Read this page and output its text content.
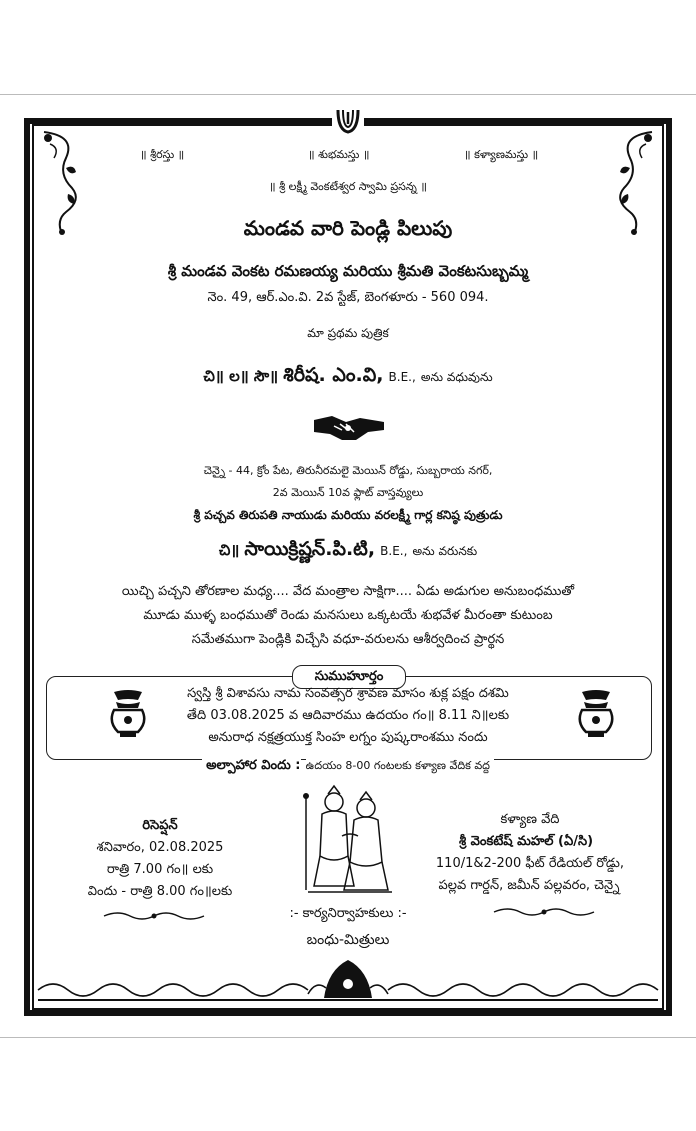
॥ శ్రీరస్తు ॥	॥ శుభమస్తు ॥	॥ కళ్యాణమస్తు ॥
॥ శ్రీ లక్ష్మీ వెంకటేశ్వర స్వామి ప్రసన్న ॥
మండవ వారి పెండ్లి పిలుపు
శ్రీ మండవ వెంకట రమణయ్య మరియు శ్రీమతి వెంకటసుబ్బమ్మ
నెం. 49, ఆర్.ఎం.వి. 2వ స్టేజ్, బెంగళూరు - 560 094.
మా ప్రథమ పుత్రిక
చి॥ ల॥ సౌ॥ శిరీష. ఎం.వి, B.E., అను వధువును
చెన్నై - 44, క్రోం పేట, తిరునీరమలై మెయిన్ రోడ్డు, సుబ్బరాయ నగర్,
2వ మెయిన్ 10వ ఫ్లాట్ వాస్తవ్యులు
శ్రీ పచ్చవ తిరుపతి నాయుడు మరియు వరలక్ష్మీ గార్ల కనిష్ఠ పుత్రుడు
చి॥ సాయిక్రిష్ణన్.పి.టి, B.E., అను వరునకు
యిచ్చి పచ్చని తోరణాల మధ్య.... వేద మంత్రాల సాక్షిగా.... ఏడు అడుగుల అనుబంధముతో
మూడు ముళ్ళ బంధముతో రెండు మనసులు ఒక్కటయే శుభవేళ మీరంతా కుటుంబ
సమేతముగా పెండ్లికి విచ్చేసి వధూ-వరులను ఆశీర్వదించ ప్రార్థన
సుముహూర్తం
స్వస్తి శ్రీ విశావసు నామ సంవత్సర శ్రావణ మాసం శుక్ల పక్షం దశమి
తేది 03.08.2025 వ ఆదివారము ఉదయం గం॥ 8.11 ని॥లకు
అనురాధ నక్షత్రయుక్త సింహ లగ్నం పుష్కరాంశము నందు
అల్పాహార విందు : ఉదయం 8-00 గంటలకు కళ్యాణ వేదిక వద్ద
రిసెప్షన్
శనివారం, 02.08.2025
రాత్రి 7.00 గం॥ లకు
విందు - రాత్రి 8.00 గం॥లకు
కళ్యాణ వేది
శ్రీ వెంకటేష్ మహల్ (ఏ/సి)
110/1&2-200 ఫీట్ రేడియల్ రోడ్డు,
పల్లవ గార్డన్, జమీన్ పల్లవరం, చెన్నై
:- కార్యనిర్వాహకులు :-
బంధు-మిత్రులు
